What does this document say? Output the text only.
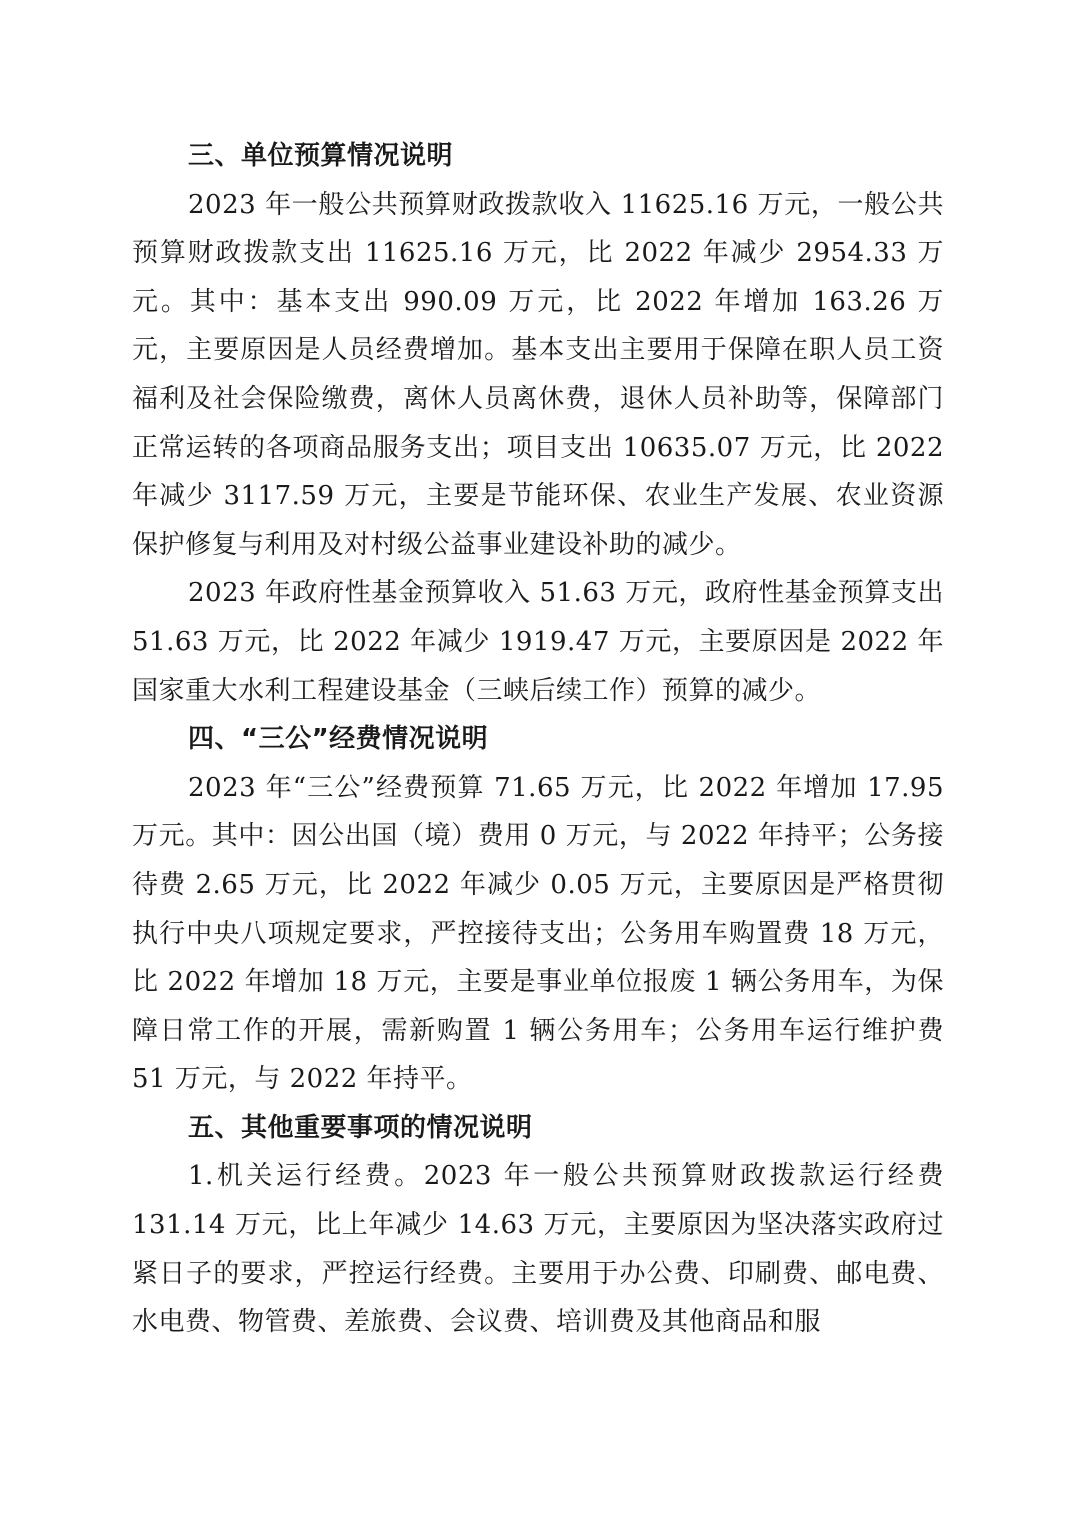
三、单位预算情况说明

2023 年一般公共预算财政拨款收入 11625.16 万元，一般公共预算财政拨款支出 11625.16 万元，比 2022 年减少 2954.33 万元。其中：基本支出 990.09 万元，比 2022 年增加 163.26 万元，主要原因是人员经费增加。基本支出主要用于保障在职人员工资福利及社会保险缴费，离休人员离休费，退休人员补助等，保障部门正常运转的各项商品服务支出；项目支出 10635.07 万元，比 2022 年减少 3117.59 万元，主要是节能环保、农业生产发展、农业资源保护修复与利用及对村级公益事业建设补助的减少。

2023 年政府性基金预算收入 51.63 万元，政府性基金预算支出 51.63 万元，比 2022 年减少 1919.47 万元，主要原因是 2022 年国家重大水利工程建设基金（三峡后续工作）预算的减少。

四、“三公”经费情况说明

2023 年“三公”经费预算 71.65 万元，比 2022 年增加 17.95 万元。其中：因公出国（境）费用 0 万元，与 2022 年持平；公务接待费 2.65 万元，比 2022 年减少 0.05 万元，主要原因是严格贯彻执行中央八项规定要求，严控接待支出；公务用车购置费 18 万元，比 2022 年增加 18 万元，主要是事业单位报废 1 辆公务用车，为保障日常工作的开展，需新购置 1 辆公务用车；公务用车运行维护费 51 万元，与 2022 年持平。

五、其他重要事项的情况说明

1.机关运行经费。2023 年一般公共预算财政拨款运行经费 131.14 万元，比上年减少 14.63 万元，主要原因为坚决落实政府过紧日子的要求，严控运行经费。主要用于办公费、印刷费、邮电费、水电费、物管费、差旅费、会议费、培训费及其他商品和服
